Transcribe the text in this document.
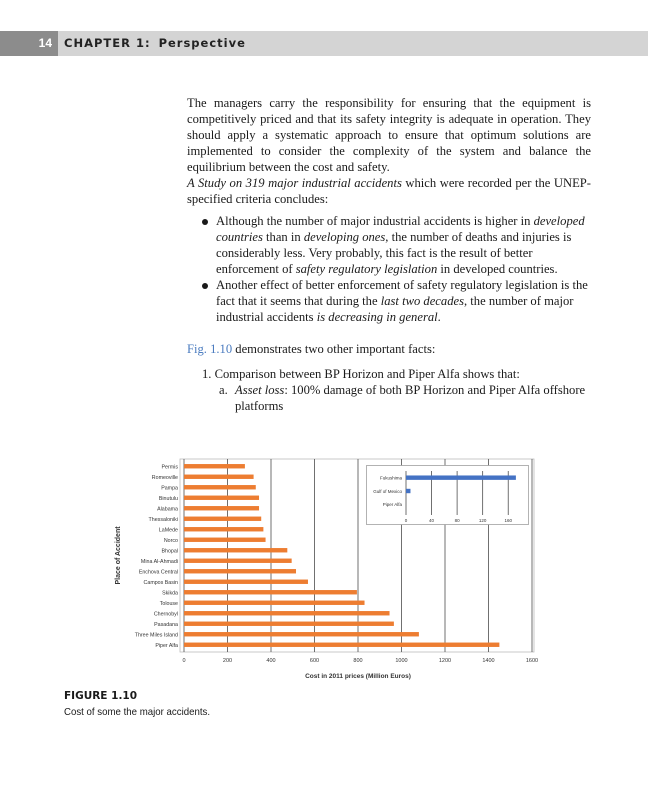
14	CHAPTER 1: Perspective

The managers carry the responsibility for ensuring that the equipment is competitively priced and that its safety integrity is adequate in operation. They should apply a systematic approach to ensure that optimum solutions are implemented to consider the complexity of the system and balance the equilibrium between the cost and safety.

A Study on 319 major industrial accidents which were recorded per the UNEP-specified criteria concludes:

Although the number of major industrial accidents is higher in developed countries than in developing ones, the number of deaths and injuries is considerably less. Very probably, this fact is the result of better enforcement of safety regulatory legislation in developed countries.
Another effect of better enforcement of safety regulatory legislation is the fact that it seems that during the last two decades, the number of major industrial accidents is decreasing in general.
Fig. 1.10 demonstrates two other important facts:
1. Comparison between BP Horizon and Piper Alfa shows that:
a. Asset loss: 100% damage of both BP Horizon and Piper Alfa offshore platforms
0	200	400	600	800	1000	1200	1400	1600
Permis
Romeoville
Pampa
Binutulu
Alabama
Thessaloniki
LaMede
Norco
Bhopal
Mina Al-Ahmadi
Enchova Central
Campos Basin
Skikda
Tolouse
Chernobyl
Pasadana
Three Miles Island
Piper Alfa
Cost in 2011 prices (Million Euros)
Place of Accident
0	40	80	120	160
Fukushima
Gulf of Mexico
Piper Alfa
FIGURE 1.10
Cost of some the major accidents.
